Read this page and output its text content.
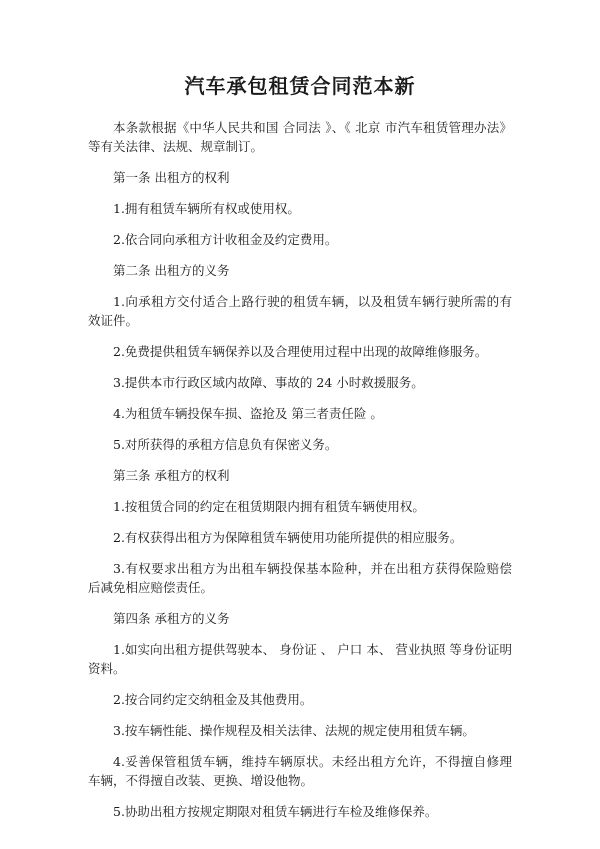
汽车承包租赁合同范本新

本条款根据《中华人民共和国 合同法 》、《 北京 市汽车租赁管理办法》等有关法律、法规、规章制订。

第一条 出租方的权利

1.拥有租赁车辆所有权或使用权。

2.依合同向承租方计收租金及约定费用。

第二条 出租方的义务

1.向承租方交付适合上路行驶的租赁车辆，以及租赁车辆行驶所需的有效证件。

2.免费提供租赁车辆保养以及合理使用过程中出现的故障维修服务。

3.提供本市行政区域内故障、事故的 24 小时救援服务。

4.为租赁车辆投保车损、盗抢及 第三者责任险 。

5.对所获得的承租方信息负有保密义务。

第三条 承租方的权利

1.按租赁合同的约定在租赁期限内拥有租赁车辆使用权。

2.有权获得出租方为保障租赁车辆使用功能所提供的相应服务。

3.有权要求出租方为出租车辆投保基本险种，并在出租方获得保险赔偿后减免相应赔偿责任。

第四条 承租方的义务

1.如实向出租方提供驾驶本、 身份证 、 户口 本、 营业执照 等身份证明资料。

2.按合同约定交纳租金及其他费用。

3.按车辆性能、操作规程及相关法律、法规的规定使用租赁车辆。

4.妥善保管租赁车辆，维持车辆原状。未经出租方允许，不得擅自修理车辆，不得擅自改装、更换、增设他物。

5.协助出租方按规定期限对租赁车辆进行车检及维修保养。
